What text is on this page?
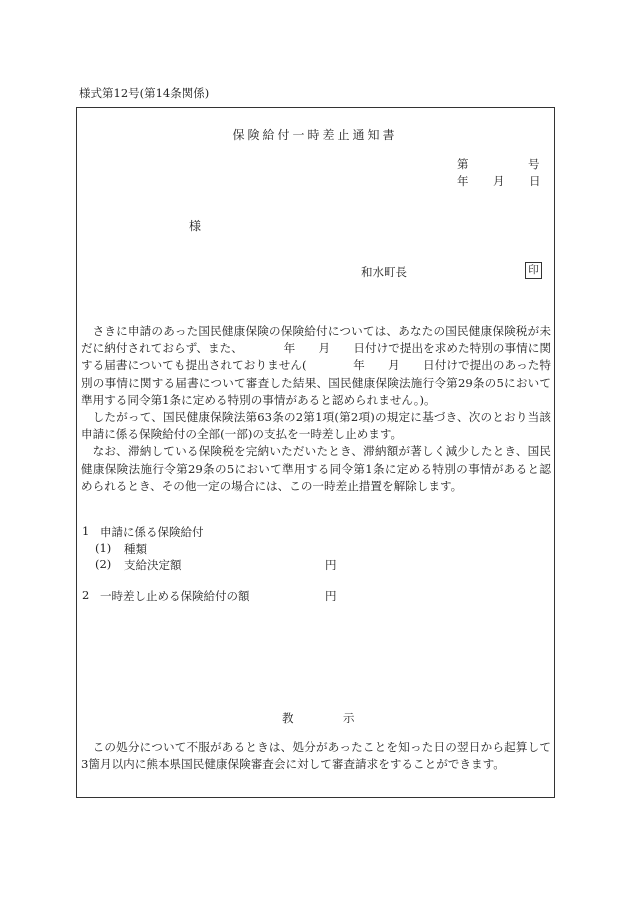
様式第12号(第14条関係)
保険給付一時差止通知書
第	号
年 月 日
様
和水町長	印

さきに申請のあった国民健康保険の保険給付については、あなたの国民健康保険税が未だに納付されておらず、また、　　　　年　　月　　日付けで提出を求めた特別の事情に関する届書についても提出されておりません(　　　　年　　月　　日付けで提出のあった特別の事情に関する届書について審査した結果、国民健康保険法施行令第29条の5において準用する同令第1条に定める特別の事情があると認められません。)。

したがって、国民健康保険法第63条の2第1項(第2項)の規定に基づき、次のとおり当該申請に係る保険給付の全部(一部)の支払を一時差し止めます。

なお、滞納している保険税を完納いただいたとき、滞納額が著しく減少したとき、国民健康保険法施行令第29条の5において準用する同令第1条に定める特別の事情があると認められるとき、その他一定の場合には、この一時差止措置を解除します。

1 申請に係る保険給付
(1) 種類
(2) 支給決定額	円
2 一時差し止める保険給付の額	円
教	示

この処分について不服があるときは、処分があったことを知った日の翌日から起算して3箇月以内に熊本県国民健康保険審査会に対して審査請求をすることができます。
